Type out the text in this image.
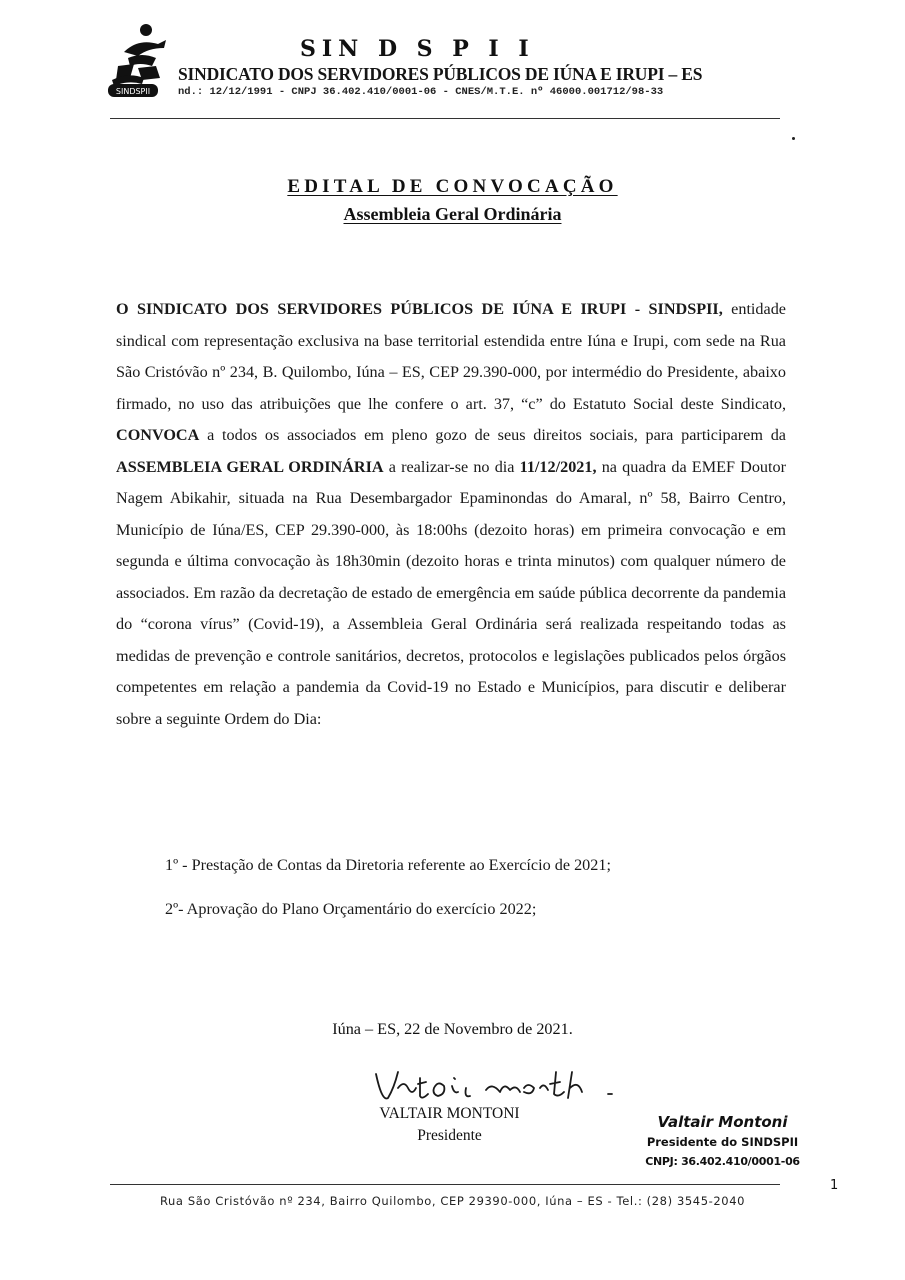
SINDSPII
SIN D S P I I
SINDICATO DOS SERVIDORES PÚBLICOS DE IÚNA E IRUPI – ES
nd.: 12/12/1991 - CNPJ 36.402.410/0001-06 - CNES/M.T.E. nº 46000.001712/98-33
EDITAL DE CONVOCAÇÃO
Assembleia Geral Ordinária
O SINDICATO DOS SERVIDORES PÚBLICOS DE IÚNA E IRUPI - SINDSPII, entidade sindical com representação exclusiva na base territorial estendida entre Iúna e Irupi, com sede na Rua São Cristóvão nº 234, B. Quilombo, Iúna – ES, CEP 29.390-000, por intermédio do Presidente, abaixo firmado, no uso das atribuições que lhe confere o art. 37, “c” do Estatuto Social deste Sindicato, CONVOCA a todos os associados em pleno gozo de seus direitos sociais, para participarem da ASSEMBLEIA GERAL ORDINÁRIA a realizar-se no dia 11/12/2021, na quadra da EMEF Doutor Nagem Abikahir, situada na Rua Desembargador Epaminondas do Amaral, nº 58, Bairro Centro, Município de Iúna/ES, CEP 29.390-000, às 18:00hs (dezoito horas) em primeira convocação e em segunda e última convocação às 18h30min (dezoito horas e trinta minutos) com qualquer número de associados. Em razão da decretação de estado de emergência em saúde pública decorrente da pandemia do “corona vírus” (Covid-19), a Assembleia Geral Ordinária será realizada respeitando todas as medidas de prevenção e controle sanitários, decretos, protocolos e legislações publicados pelos órgãos competentes em relação a pandemia da Covid-19 no Estado e Municípios, para discutir e deliberar sobre a seguinte Ordem do Dia:
1º - Prestação de Contas da Diretoria referente ao Exercício de 2021;
2º- Aprovação do Plano Orçamentário do exercício 2022;
Iúna – ES, 22 de Novembro de 2021.
VALTAIR MONTONI
Presidente
Valtair Montoni
Presidente do SINDSPII
CNPJ: 36.402.410/0001-06
Rua São Cristóvão nº 234, Bairro Quilombo, CEP 29390-000, Iúna – ES - Tel.: (28) 3545-2040
1
